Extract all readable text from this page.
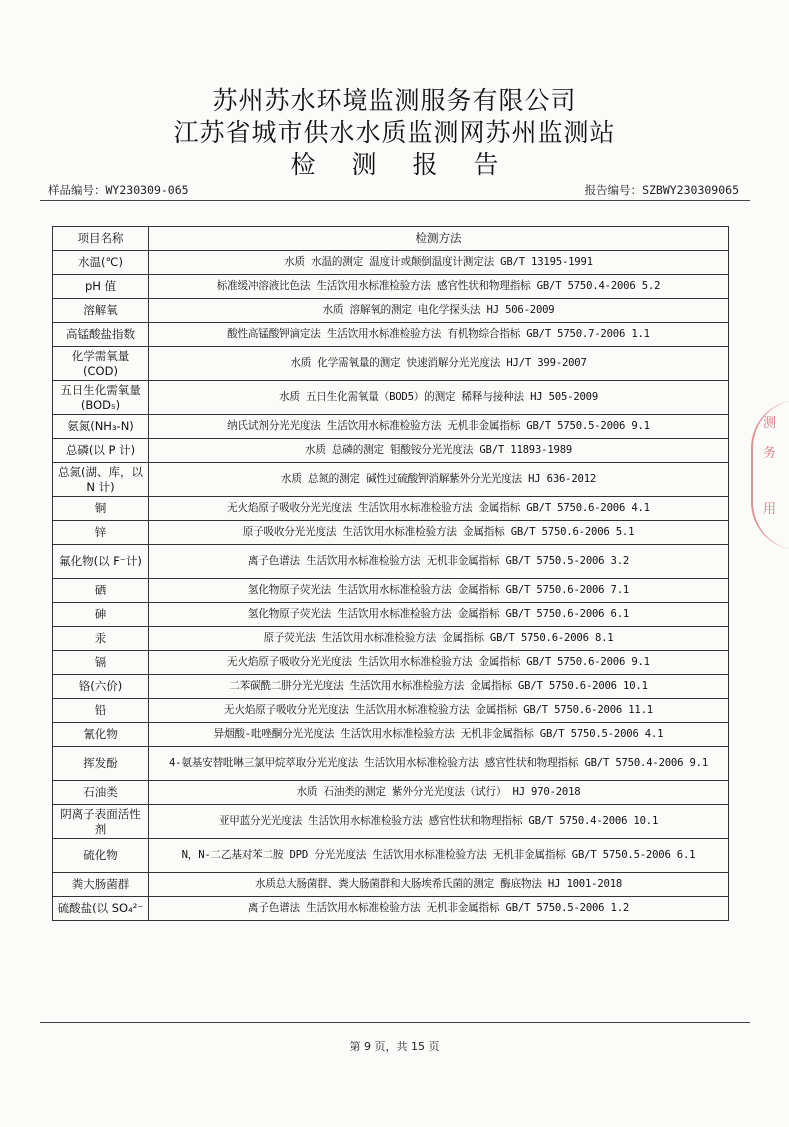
苏州苏水环境监测服务有限公司
江苏省城市供水水质监测网苏州监测站
检测报告
样品编号：WY230309-065	报告编号：SZBWY230309065
项目名称	检测方法
水温(℃)	水质 水温的测定 温度计或颠倒温度计测定法 GB/T 13195-1991
pH 值	标准缓冲溶液比色法 生活饮用水标准检验方法 感官性状和物理指标 GB/T 5750.4-2006 5.2
溶解氧	水质 溶解氧的测定 电化学探头法 HJ 506-2009
高锰酸盐指数	酸性高锰酸钾滴定法 生活饮用水标准检验方法 有机物综合指标 GB/T 5750.7-2006 1.1
化学需氧量 (COD)	水质 化学需氧量的测定 快速消解分光光度法 HJ/T 399-2007
五日生化需氧量(BOD₅)	水质 五日生化需氧量（BOD5）的测定 稀释与接种法 HJ 505-2009
氨氮(NH₃-N)	纳氏试剂分光光度法 生活饮用水标准检验方法 无机非金属指标 GB/T 5750.5-2006 9.1
总磷(以 P 计)	水质 总磷的测定 钼酸铵分光光度法 GB/T 11893-1989
总氮(湖、库，以 N 计)	水质 总氮的测定 碱性过硫酸钾消解紫外分光光度法 HJ 636-2012
铜	无火焰原子吸收分光光度法 生活饮用水标准检验方法 金属指标 GB/T 5750.6-2006 4.1
锌	原子吸收分光光度法 生活饮用水标准检验方法 金属指标 GB/T 5750.6-2006 5.1
氟化物(以 F⁻计)	离子色谱法 生活饮用水标准检验方法 无机非金属指标 GB/T 5750.5-2006 3.2
硒	氢化物原子荧光法 生活饮用水标准检验方法 金属指标 GB/T 5750.6-2006 7.1
砷	氢化物原子荧光法 生活饮用水标准检验方法 金属指标 GB/T 5750.6-2006 6.1
汞	原子荧光法 生活饮用水标准检验方法 金属指标 GB/T 5750.6-2006 8.1
镉	无火焰原子吸收分光光度法 生活饮用水标准检验方法 金属指标 GB/T 5750.6-2006 9.1
铬(六价)	二苯碳酰二肼分光光度法 生活饮用水标准检验方法 金属指标 GB/T 5750.6-2006 10.1
铅	无火焰原子吸收分光光度法 生活饮用水标准检验方法 金属指标 GB/T 5750.6-2006 11.1
氰化物	异烟酸-吡唑酮分光光度法 生活饮用水标准检验方法 无机非金属指标 GB/T 5750.5-2006 4.1
挥发酚	4-氨基安替吡啉三氯甲烷萃取分光光度法 生活饮用水标准检验方法 感官性状和物理指标 GB/T 5750.4-2006 9.1
石油类	水质 石油类的测定 紫外分光光度法（试行） HJ 970-2018
阴离子表面活性剂	亚甲蓝分光光度法 生活饮用水标准检验方法 感官性状和物理指标 GB/T 5750.4-2006 10.1
硫化物	N，N-二乙基对苯二胺 DPD 分光光度法 生活饮用水标准检验方法 无机非金属指标 GB/T 5750.5-2006 6.1
粪大肠菌群	水质总大肠菌群、粪大肠菌群和大肠埃希氏菌的测定 酶底物法 HJ 1001-2018
硫酸盐(以 SO₄²⁻	离子色谱法 生活饮用水标准检验方法 无机非金属指标 GB/T 5750.5-2006 1.2
测
务
用
第 9 页，共 15 页
